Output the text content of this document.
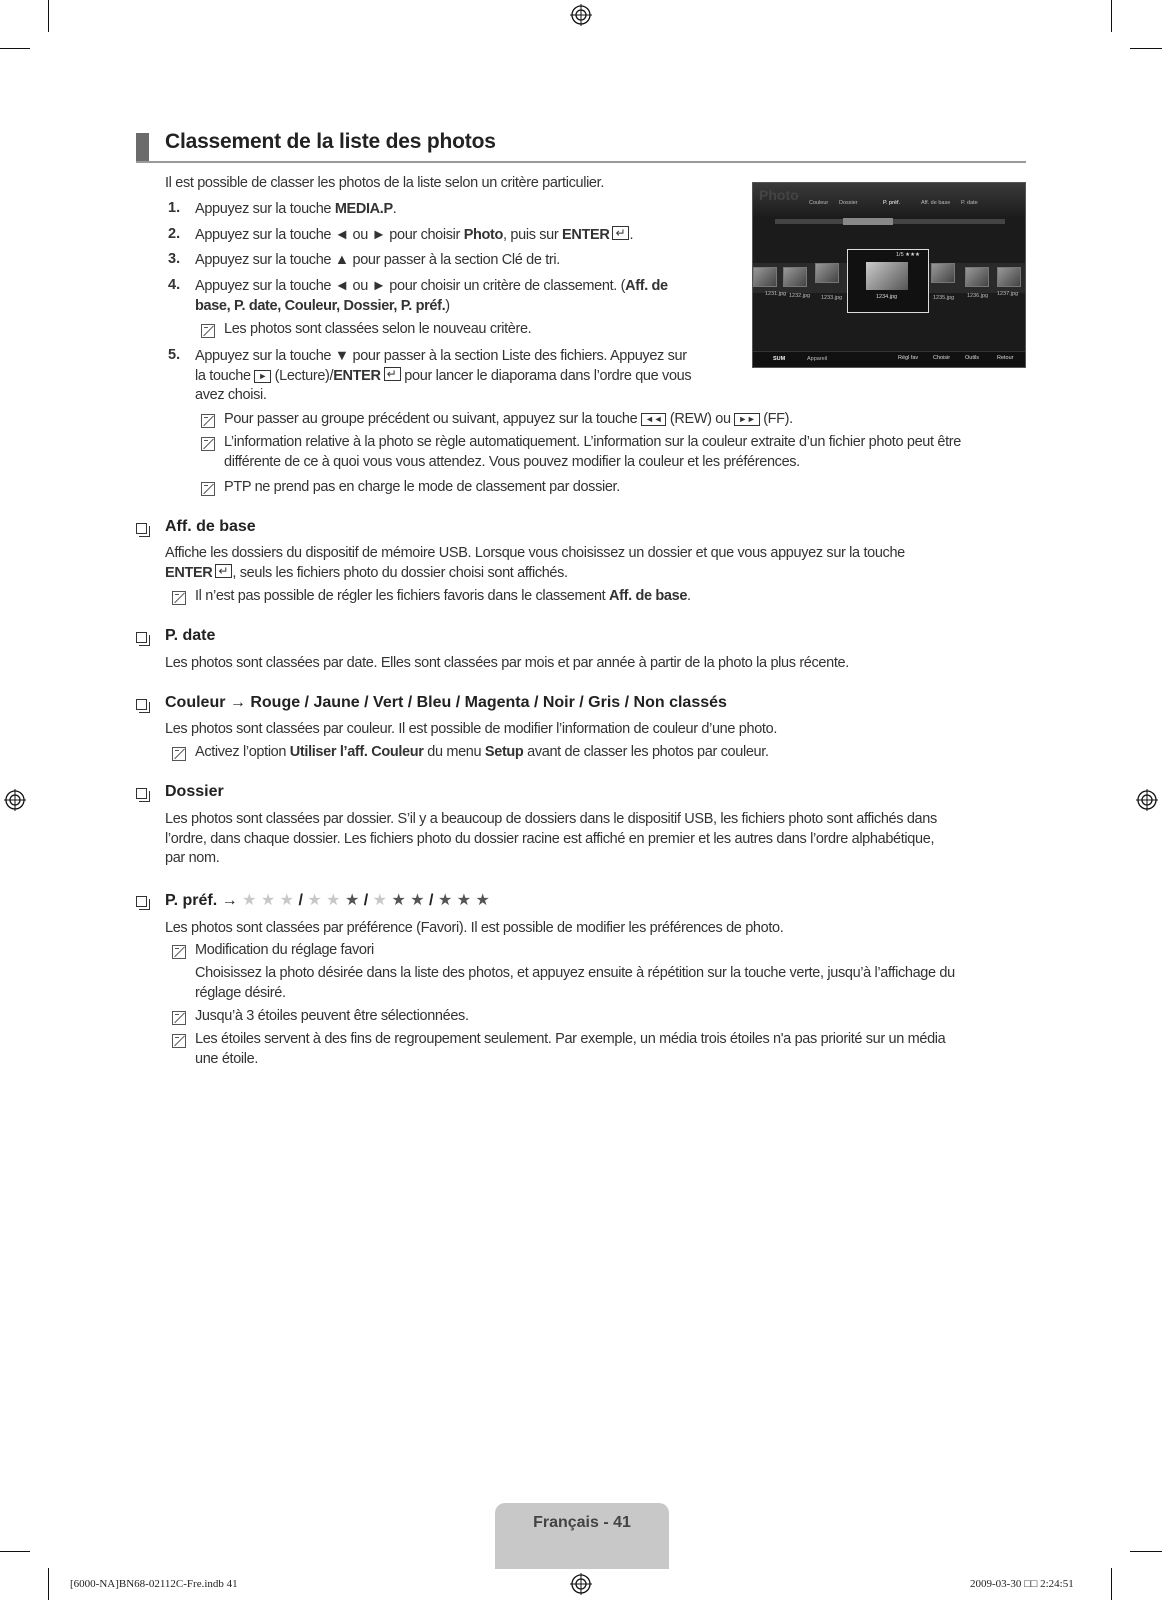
Classement de la liste des photos
Il est possible de classer les photos de la liste selon un critère particulier.
1. Appuyez sur la touche MEDIA.P.
2. Appuyez sur la touche ◄ ou ► pour choisir Photo, puis sur ENTER ↵ .
3. Appuyez sur la touche ▲ pour passer à la section Clé de tri.
4. Appuyez sur la touche ◄ ou ► pour choisir un critère de classement. (Aff. de
base, P. date, Couleur, Dossier, P. préf.)
Les photos sont classées selon le nouveau critère.
5. Appuyez sur la touche ▼ pour passer à la section Liste des fichiers. Appuyez sur
la touche ► (Lecture)/ENTER ↵ pour lancer le diaporama dans l’ordre que vous
avez choisi.
Pour passer au groupe précédent ou suivant, appuyez sur la touche ◄◄ (REW) ou ►► (FF).
L’information relative à la photo se règle automatiquement. L’information sur la couleur extraite d’un fichier photo peut être
différente de ce à quoi vous vous attendez. Vous pouvez modifier la couleur et les préférences.
PTP ne prend pas en charge le mode de classement par dossier.
Photo Couleur Dossier	P. préf.	Aff. de base P. date
1231.jpg 1232.jpg 1233.jpg	1235.jpg 1236.jpg 1237.jpg
1/5 ★★★
1234.jpg
SUM	Appareil	Régl fav	Choisir	Outils	Retour
Aff. de base
Affiche les dossiers du dispositif de mémoire USB. Lorsque vous choisissez un dossier et que vous appuyez sur la touche
ENTER ↵ , seuls les fichiers photo du dossier choisi sont affichés.
Il n’est pas possible de régler les fichiers favoris dans le classement Aff. de base.
P. date
Les photos sont classées par date. Elles sont classées par mois et par année à partir de la photo la plus récente.
Couleur → Rouge / Jaune / Vert / Bleu / Magenta / Noir / Gris / Non classés
Les photos sont classées par couleur. Il est possible de modifier l’information de couleur d’une photo.
Activez l’option Utiliser l’aff. Couleur du menu Setup avant de classer les photos par couleur.
Dossier
Les photos sont classées par dossier. S’il y a beaucoup de dossiers dans le dispositif USB, les fichiers photo sont affichés dans
l’ordre, dans chaque dossier. Les fichiers photo du dossier racine est affiché en premier et les autres dans l’ordre alphabétique,
par nom.
P. préf. → ★ ★ ★ / ★ ★ ★ / ★ ★ ★ / ★ ★ ★
Les photos sont classées par préférence (Favori). Il est possible de modifier les préférences de photo.
Modification du réglage favori
Choisissez la photo désirée dans la liste des photos, et appuyez ensuite à répétition sur la touche verte, jusqu’à l’affichage du
réglage désiré.
Jusqu’à 3 étoiles peuvent être sélectionnées.
Les étoiles servent à des fins de regroupement seulement. Par exemple, un média trois étoiles n'a pas priorité sur un média
une étoile.
Français - 41
[6000-NA]BN68-02112C-Fre.indb 41	2009-03-30 □□ 2:24:51
